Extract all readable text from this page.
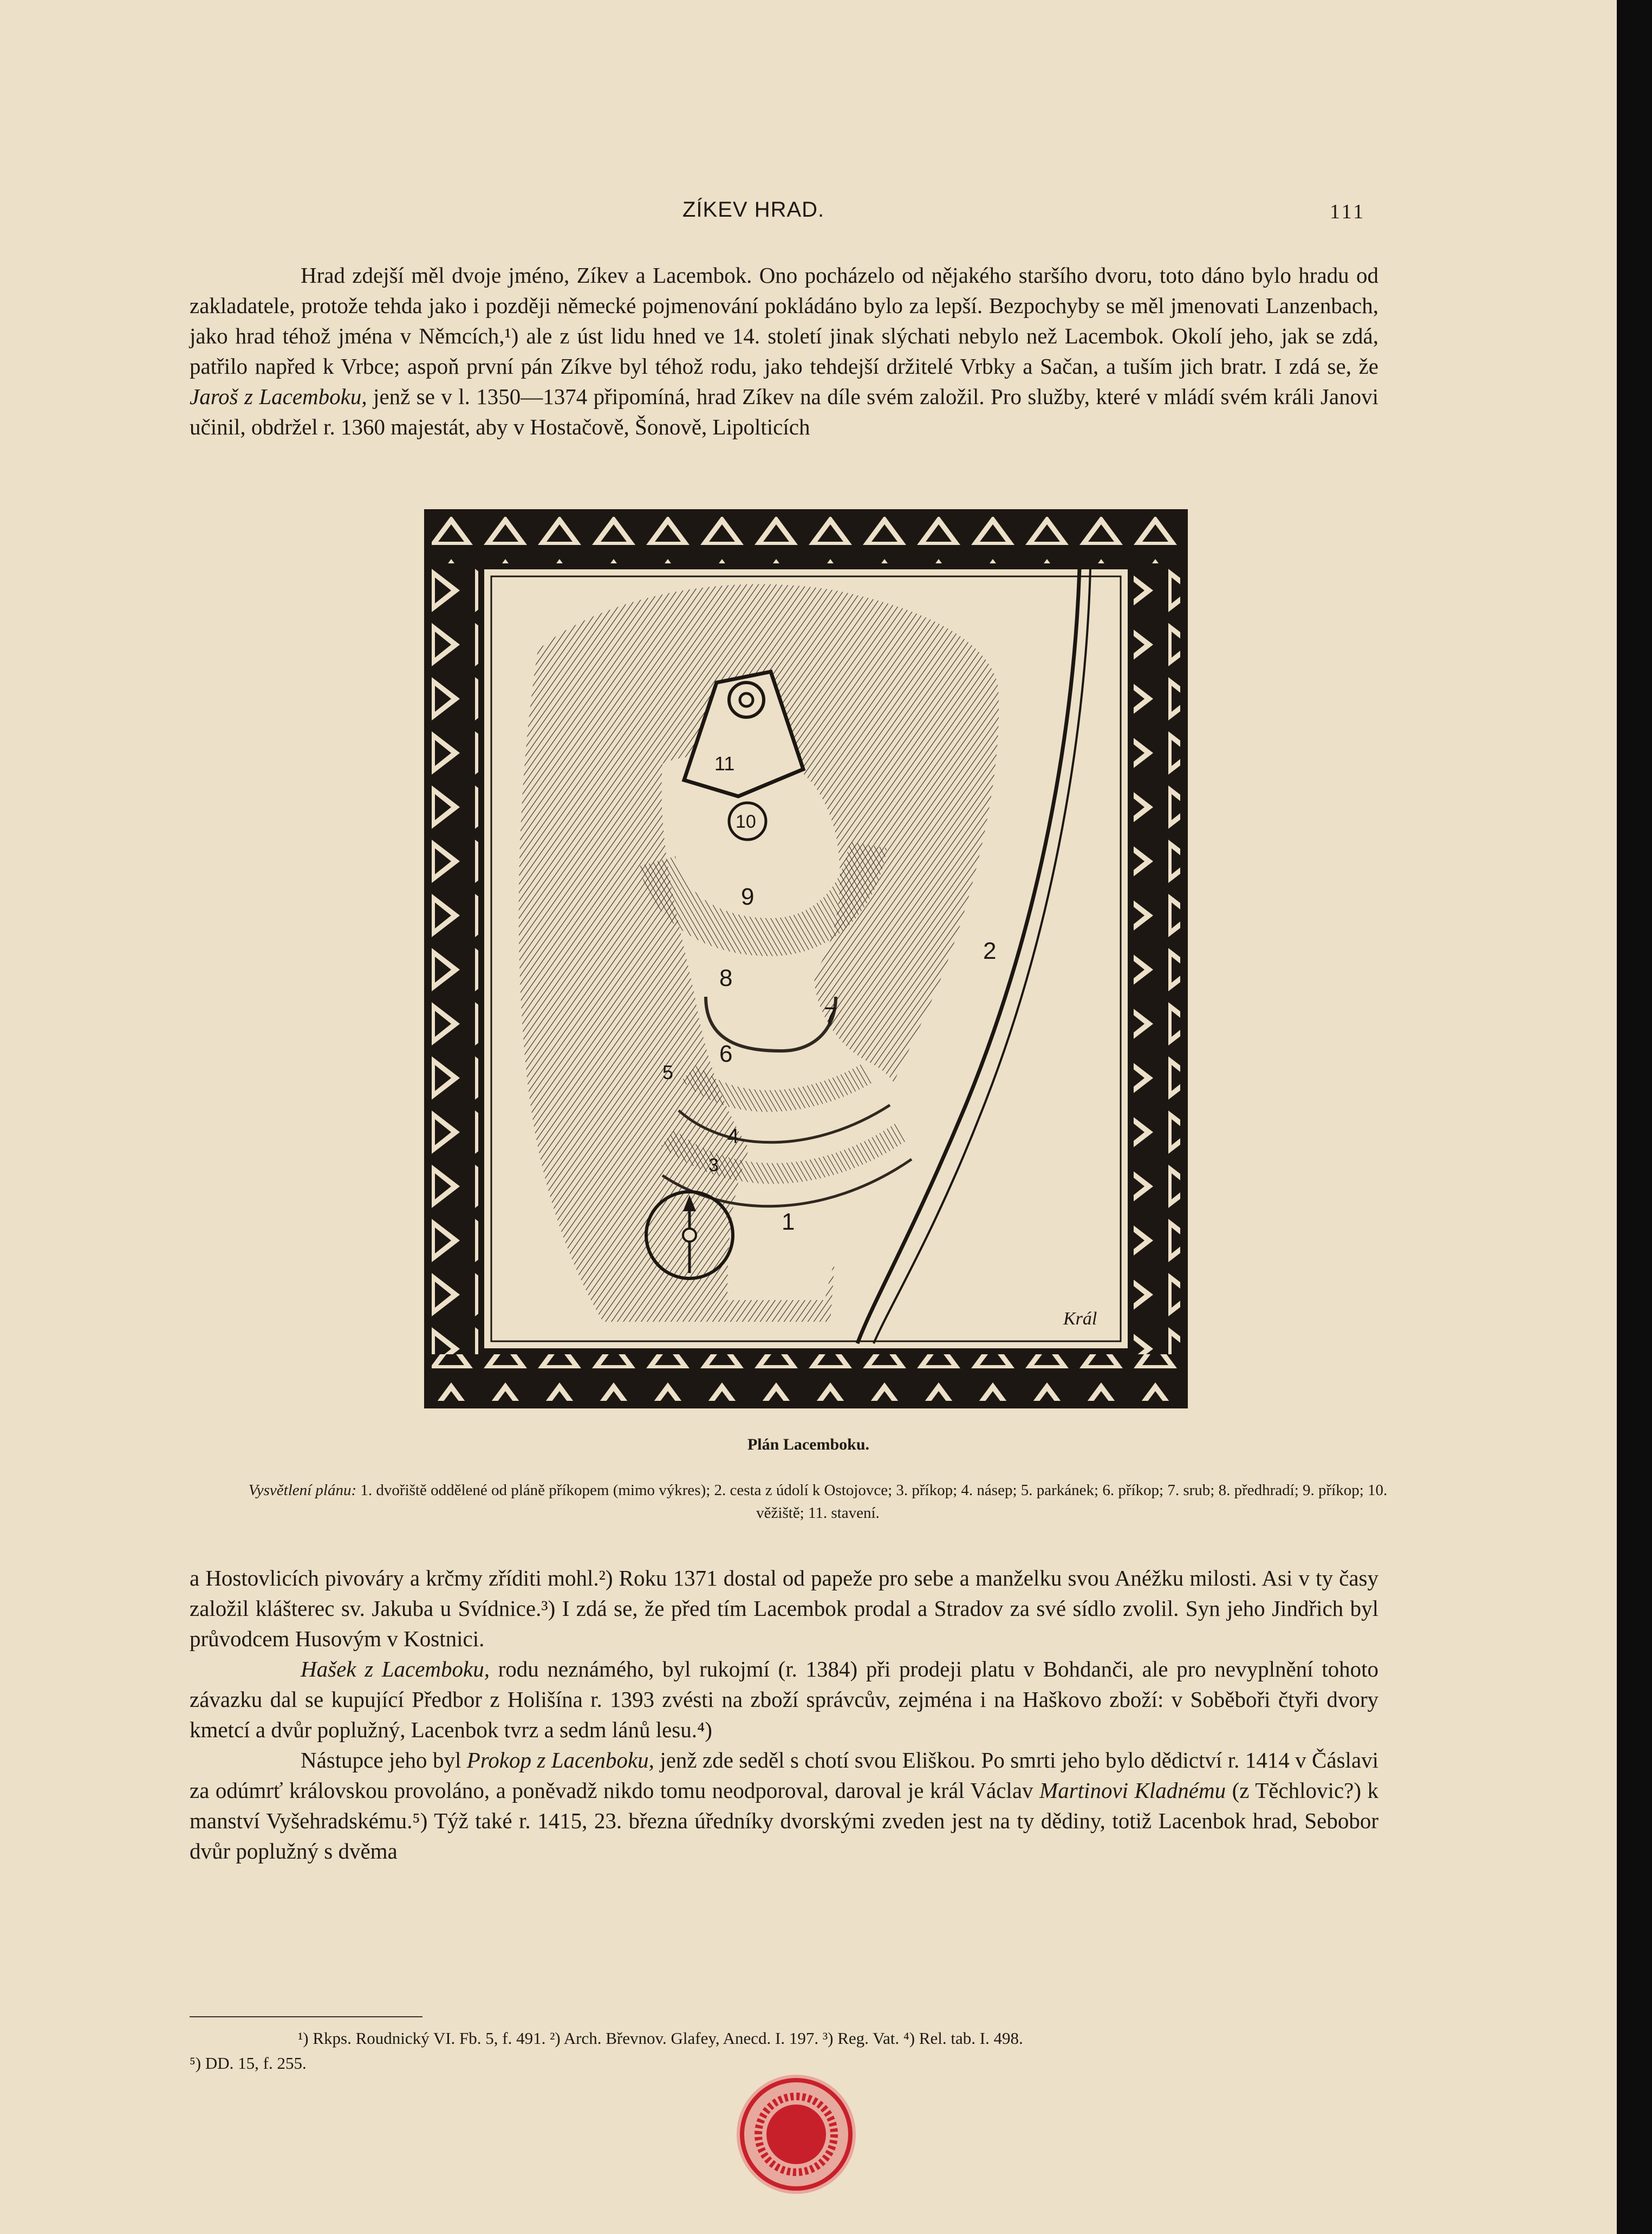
ZÍKEV HRAD.	111

Hrad zdejší měl dvoje jméno, Zíkev a Lacembok. Ono pocházelo od nějakého staršího dvoru, toto dáno bylo hradu od zakladatele, protože tehda jako i později německé pojmenování pokládáno bylo za lepší. Bezpochyby se měl jmenovati Lanzenbach, jako hrad téhož jména v Němcích,¹) ale z úst lidu hned ve 14. století jinak slýchati nebylo než Lacembok. Okolí jeho, jak se zdá, patřilo napřed k Vrbce; aspoň první pán Zíkve byl téhož rodu, jako tehdejší držitelé Vrbky a Sačan, a tuším jich bratr. I zdá se, že Jaroš z Lacemboku, jenž se v l. 1350—1374 připomíná, hrad Zíkev na díle svém založil. Pro služby, které v mládí svém králi Janovi učinil, obdržel r. 1360 majestát, aby v Hostačově, Šonově, Lipolticích

10
11
9
8
7
6
5
4
3
2
1
Král
Plán Lacemboku.
Vysvětlení plánu: 1. dvořiště oddělené od pláně příkopem (mimo výkres); 2. cesta z údolí k Ostojovce; 3. příkop; 4. násep; 5. parkánek; 6. příkop; 7. srub; 8. předhradí; 9. příkop; 10. věžiště; 11. stavení.

a Hostovlicích pivováry a krčmy zříditi mohl.²) Roku 1371 dostal od papeže pro sebe a manželku svou Anéžku milosti. Asi v ty časy založil klášterec sv. Jakuba u Svídnice.³) I zdá se, že před tím Lacembok prodal a Stradov za své sídlo zvolil. Syn jeho Jindřich byl průvodcem Husovým v Kostnici.
Hašek z Lacemboku, rodu neznámého, byl rukojmí (r. 1384) při prodeji platu v Bohdanči, ale pro nevyplnění tohoto závazku dal se kupující Předbor z Holišína r. 1393 zvésti na zboží správcův, zejména i na Haškovo zboží: v Soběboři čtyři dvory kmetcí a dvůr poplužný, Lacenbok tvrz a sedm lánů lesu.⁴)
Nástupce jeho byl Prokop z Lacenboku, jenž zde seděl s chotí svou Eliškou. Po smrti jeho bylo dědictví r. 1414 v Čáslavi za odúmrť královskou provoláno, a poněvadž nikdo tomu neodporoval, daroval je král Václav Martinovi Kladnému (z Těchlovic?) k manství Vyšehradskému.⁵) Týž také r. 1415, 23. března úředníky dvorskými zveden jest na ty dědiny, totiž Lacenbok hrad, Sebobor dvůr poplužný s dvěma

¹) Rkps. Roudnický VI. Fb. 5, f. 491. ²) Arch. Břevnov. Glafey, Anecd. I. 197. ³) Reg. Vat. ⁴) Rel. tab. I. 498.
⁵) DD. 15, f. 255.
